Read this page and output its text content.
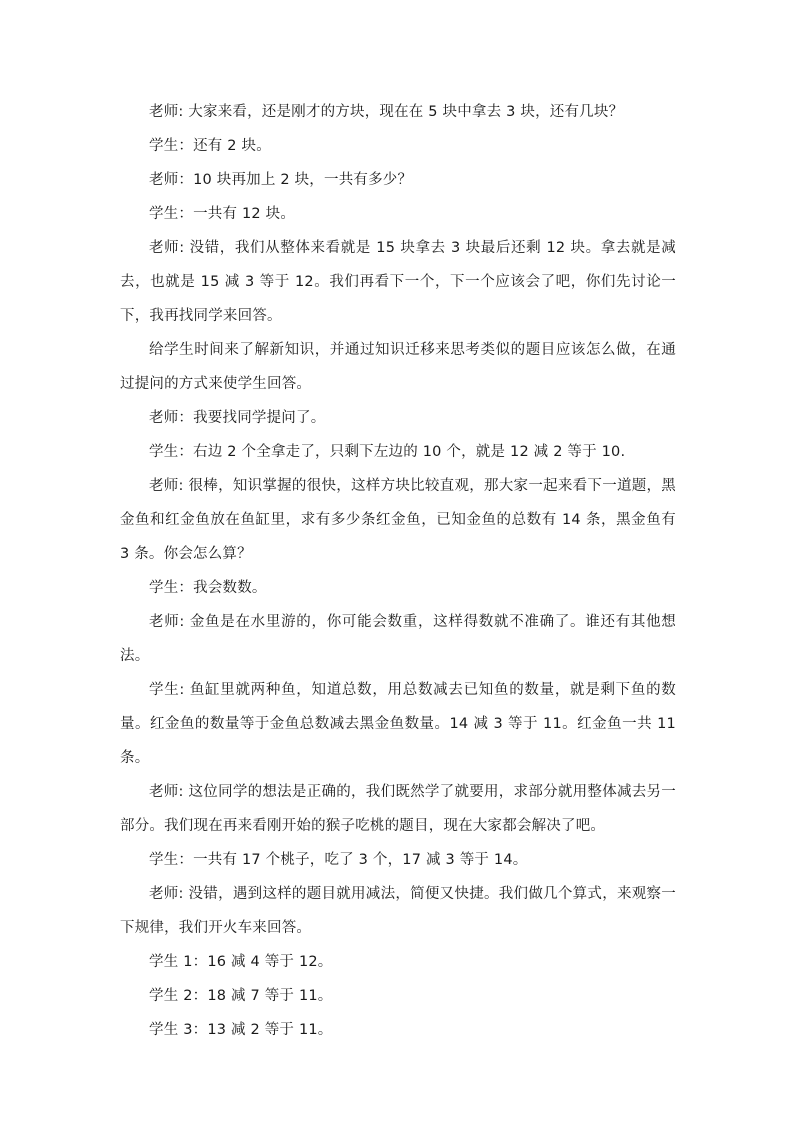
老师: 大家来看，还是刚才的方块，现在在 5 块中拿去 3 块，还有几块？

学生：还有 2 块。

老师：10 块再加上 2 块，一共有多少？

学生：一共有 12 块。

老师: 没错，我们从整体来看就是 15 块拿去 3 块最后还剩 12 块。拿去就是减去，也就是 15 减 3 等于 12。我们再看下一个，下一个应该会了吧，你们先讨论一下，我再找同学来回答。

给学生时间来了解新知识，并通过知识迁移来思考类似的题目应该怎么做，在通过提问的方式来使学生回答。

老师：我要找同学提问了。

学生：右边 2 个全拿走了，只剩下左边的 10 个，就是 12 减 2 等于 10.

老师: 很棒，知识掌握的很快，这样方块比较直观，那大家一起来看下一道题，黑金鱼和红金鱼放在鱼缸里，求有多少条红金鱼，已知金鱼的总数有 14 条，黑金鱼有 3 条。你会怎么算？

学生：我会数数。

老师: 金鱼是在水里游的，你可能会数重，这样得数就不准确了。谁还有其他想法。

学生: 鱼缸里就两种鱼，知道总数，用总数减去已知鱼的数量，就是剩下鱼的数量。红金鱼的数量等于金鱼总数减去黑金鱼数量。14 减 3 等于 11。红金鱼一共 11 条。

老师: 这位同学的想法是正确的，我们既然学了就要用，求部分就用整体减去另一部分。我们现在再来看刚开始的猴子吃桃的题目，现在大家都会解决了吧。

学生：一共有 17 个桃子，吃了 3 个，17 减 3 等于 14。

老师: 没错，遇到这样的题目就用减法，简便又快捷。我们做几个算式，来观察一下规律，我们开火车来回答。

学生 1：16 减 4 等于 12。

学生 2：18 减 7 等于 11。

学生 3：13 减 2 等于 11。
